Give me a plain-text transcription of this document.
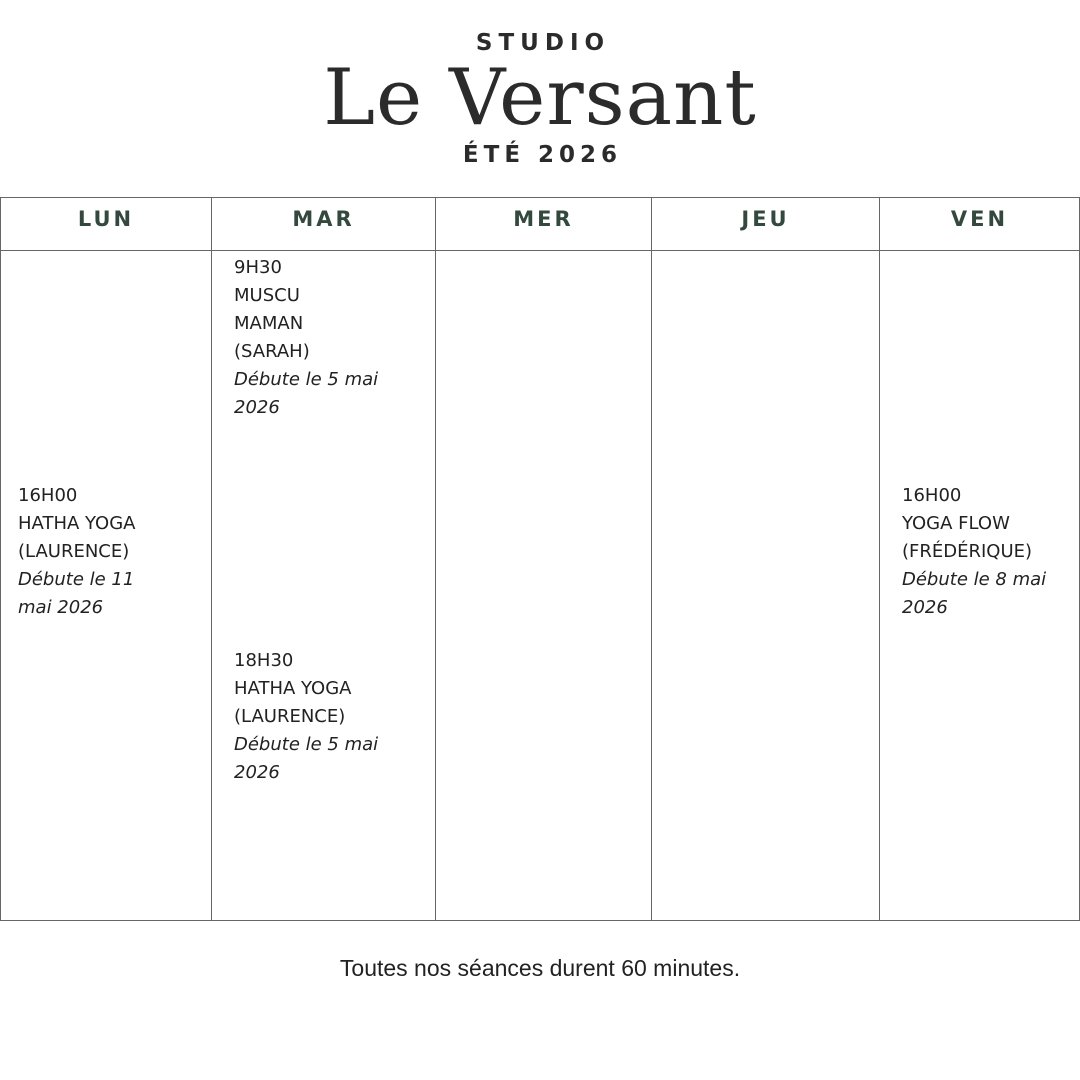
STUDIO
Le Versant
ÉTÉ 2026
LUN
16H00
HATHA YOGA
(LAURENCE)
Débute le 11
mai 2026
MAR
9H30
MUSCU
MAMAN
(SARAH)
Débute le 5 mai
2026
18H30
HATHA YOGA
(LAURENCE)
Débute le 5 mai
2026
MER	JEU	VEN
16H00
YOGA FLOW
(FRÉDÉRIQUE)
Débute le 8 mai
2026
Toutes nos séances durent 60 minutes.
